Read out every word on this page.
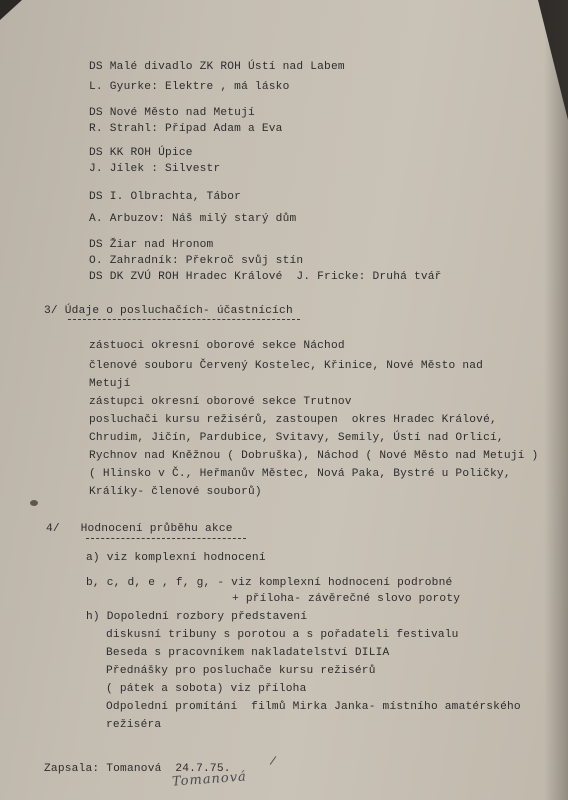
DS Malé divadlo ZK ROH Ústí nad Labem

L. Gyurke: Elektre , má lásko

DS Nové Město nad Metují

R. Strahl: Případ Adam a Eva

DS KK ROH Úpice

J. Jílek : Silvestr

DS I. Olbrachta, Tábor

A. Arbuzov: Náš milý starý dům

DS Žiar nad Hronom

O. Zahradník: Překroč svůj stín

DS DK ZVÚ ROH Hradec Králové  J. Fricke: Druhá tvář

3/ Údaje o posluchačích- účastnících

zástuoci okresní oborové sekce Náchod

členové souboru Červený Kostelec, Křinice, Nové Město nad

Metují

zástupci okresní oborové sekce Trutnov

posluchači kursu režisérů, zastoupen  okres Hradec Králové,

Chrudim, Jičín, Pardubice, Svitavy, Semily, Ústí nad Orlicí,

Rychnov nad Kněžnou ( Dobruška), Náchod ( Nové Město nad Metují )

( Hlinsko v Č., Heřmanův Městec, Nová Paka, Bystré u Poličky,

Králíky- členové souborů)

4/   Hodnocení průběhu akce

a) viz komplexní hodnocení

b, c, d, e , f, g, - viz komplexní hodnocení podrobné

+ příloha- závěrečné slovo poroty

h) Dopolední rozbory představení

diskusní tribuny s porotou a s pořadateli festivalu

Beseda s pracovníkem nakladatelství DILIA

Přednášky pro posluchače kursu režisérů

( pátek a sobota) viz příloha

Odpolední promítání  filmů Mirka Janka- místního amatérského

režiséra

Zapsala: Tomanová  24.7.75.

Tomanová
